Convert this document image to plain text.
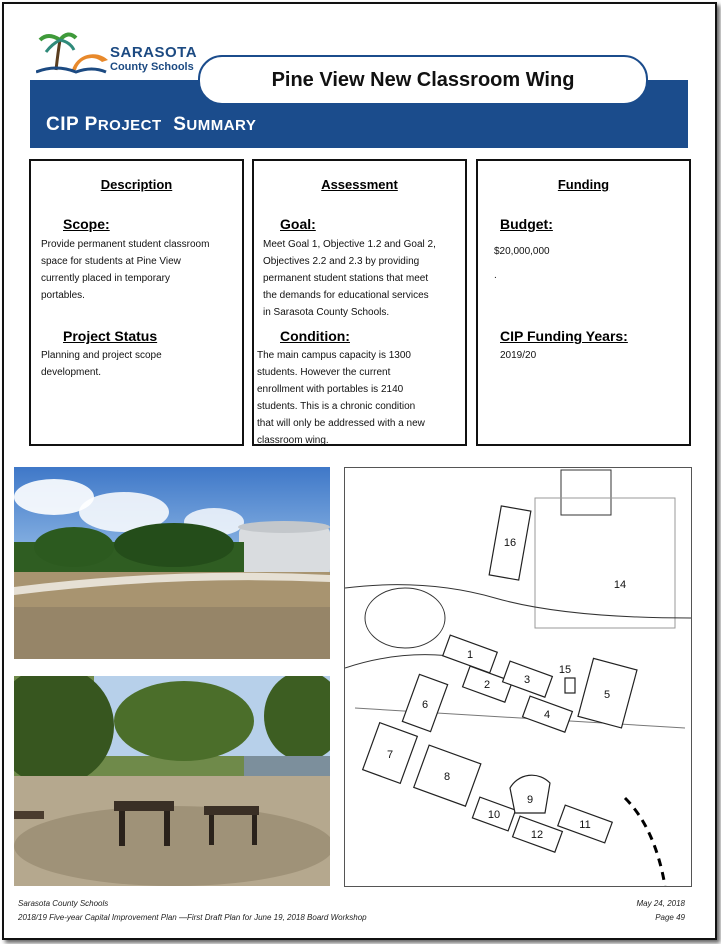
SARASOTA
County Schools
CIP PROJECT SUMMARY
Pine View New Classroom Wing
Description
Scope:
Provide permanent student classroom
space for students at Pine View
currently placed in temporary
portables.
Project Status
Planning and project scope
development.
Assessment
Goal:
Meet Goal 1, Objective 1.2 and Goal 2,
Objectives 2.2 and 2.3 by providing
permanent student stations that meet
the demands for educational services
in Sarasota County Schools.
Condition:
The main campus capacity is 1300
students. However the current
enrollment with portables is 2140
students. This is a chronic condition
that will only be addressed with a new
classroom wing.
Funding
Budget:
$20,000,000
.
CIP Funding Years:
2019/20
1
2	3
4
5
6
7
8
9
10
11
12
14
15
16
Sarasota County Schools
2018/19 Five-year Capital Improvement Plan —First Draft Plan for June 19, 2018 Board Workshop
May 24, 2018
Page 49
